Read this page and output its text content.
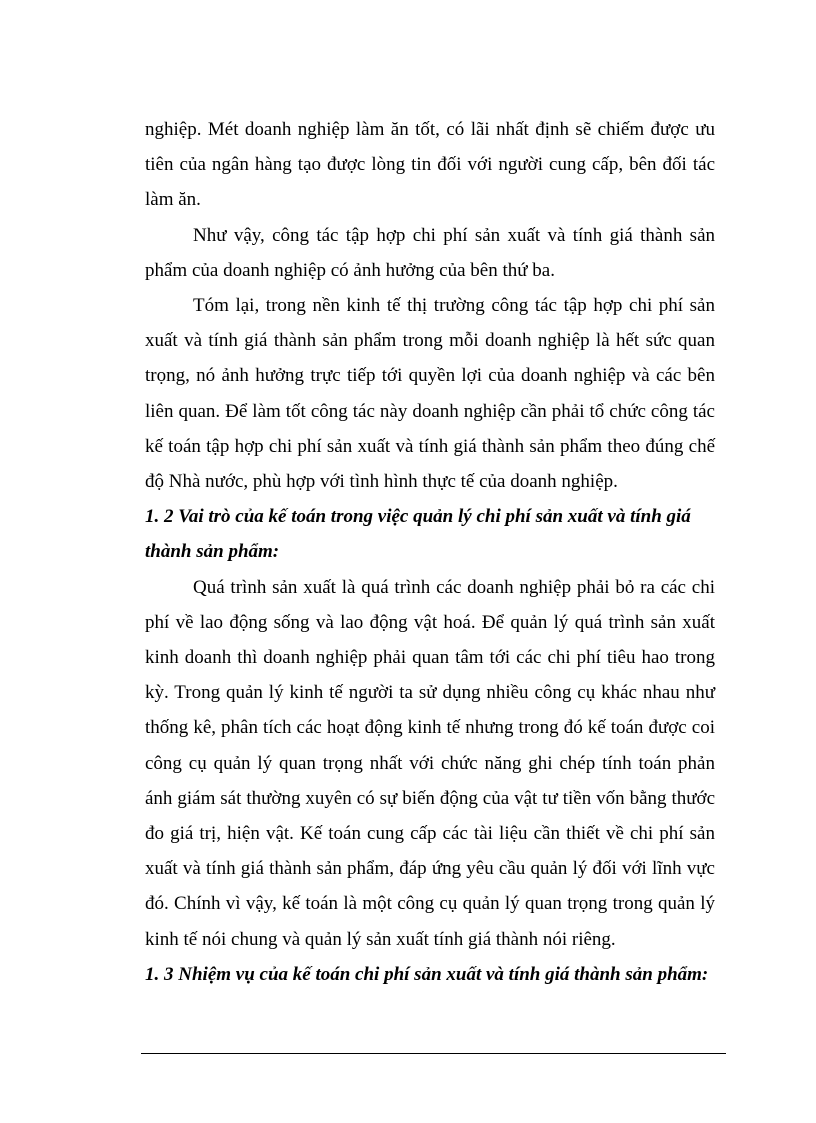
nghiệp. Mét doanh nghiệp làm ăn tốt, có lãi nhất định sẽ chiếm được ưu tiên của ngân hàng tạo được lòng tin đối với người cung cấp, bên đối tác làm ăn.

Như vậy, công tác tập hợp chi phí sản xuất và tính giá thành sản phẩm của doanh nghiệp có ảnh hưởng của bên thứ ba.

Tóm lại, trong nền kinh tế thị trường công tác tập hợp chi phí sản xuất và tính giá thành sản phẩm trong mỗi doanh nghiệp là hết sức quan trọng, nó ảnh hưởng trực tiếp tới quyền lợi của doanh nghiệp và các bên liên quan. Để làm tốt công tác này doanh nghiệp cần phải tổ chức công tác kế toán tập hợp chi phí sản xuất và tính giá thành sản phẩm theo đúng chế độ Nhà nước, phù hợp với tình hình thực tế của doanh nghiệp.

1. 2 Vai trò của kế toán trong việc quản lý chi phí sản xuất và tính giá thành sản phẩm:

Quá trình sản xuất là quá trình các doanh nghiệp phải bỏ ra các chi phí về lao động sống và lao động vật hoá. Để quản lý quá trình sản xuất kinh doanh thì doanh nghiệp phải quan tâm tới các chi phí tiêu hao trong kỳ. Trong quản lý kinh tế người ta sử dụng nhiều công cụ khác nhau như thống kê, phân tích các hoạt động kinh tế nhưng trong đó kế toán được coi công cụ quản lý quan trọng nhất với chức năng ghi chép tính toán phản ánh giám sát thường xuyên có sự biến động của vật tư tiền vốn bằng thước đo giá trị, hiện vật. Kế toán cung cấp các tài liệu cần thiết về chi phí sản xuất và tính giá thành sản phẩm, đáp ứng yêu cầu quản lý đối với lĩnh vực đó. Chính vì vậy, kế toán là một công cụ quản lý quan trọng trong quản lý kinh tế nói chung và quản lý sản xuất tính giá thành nói riêng.

1. 3 Nhiệm vụ của kế toán chi phí sản xuất và tính giá thành sản phẩm:
